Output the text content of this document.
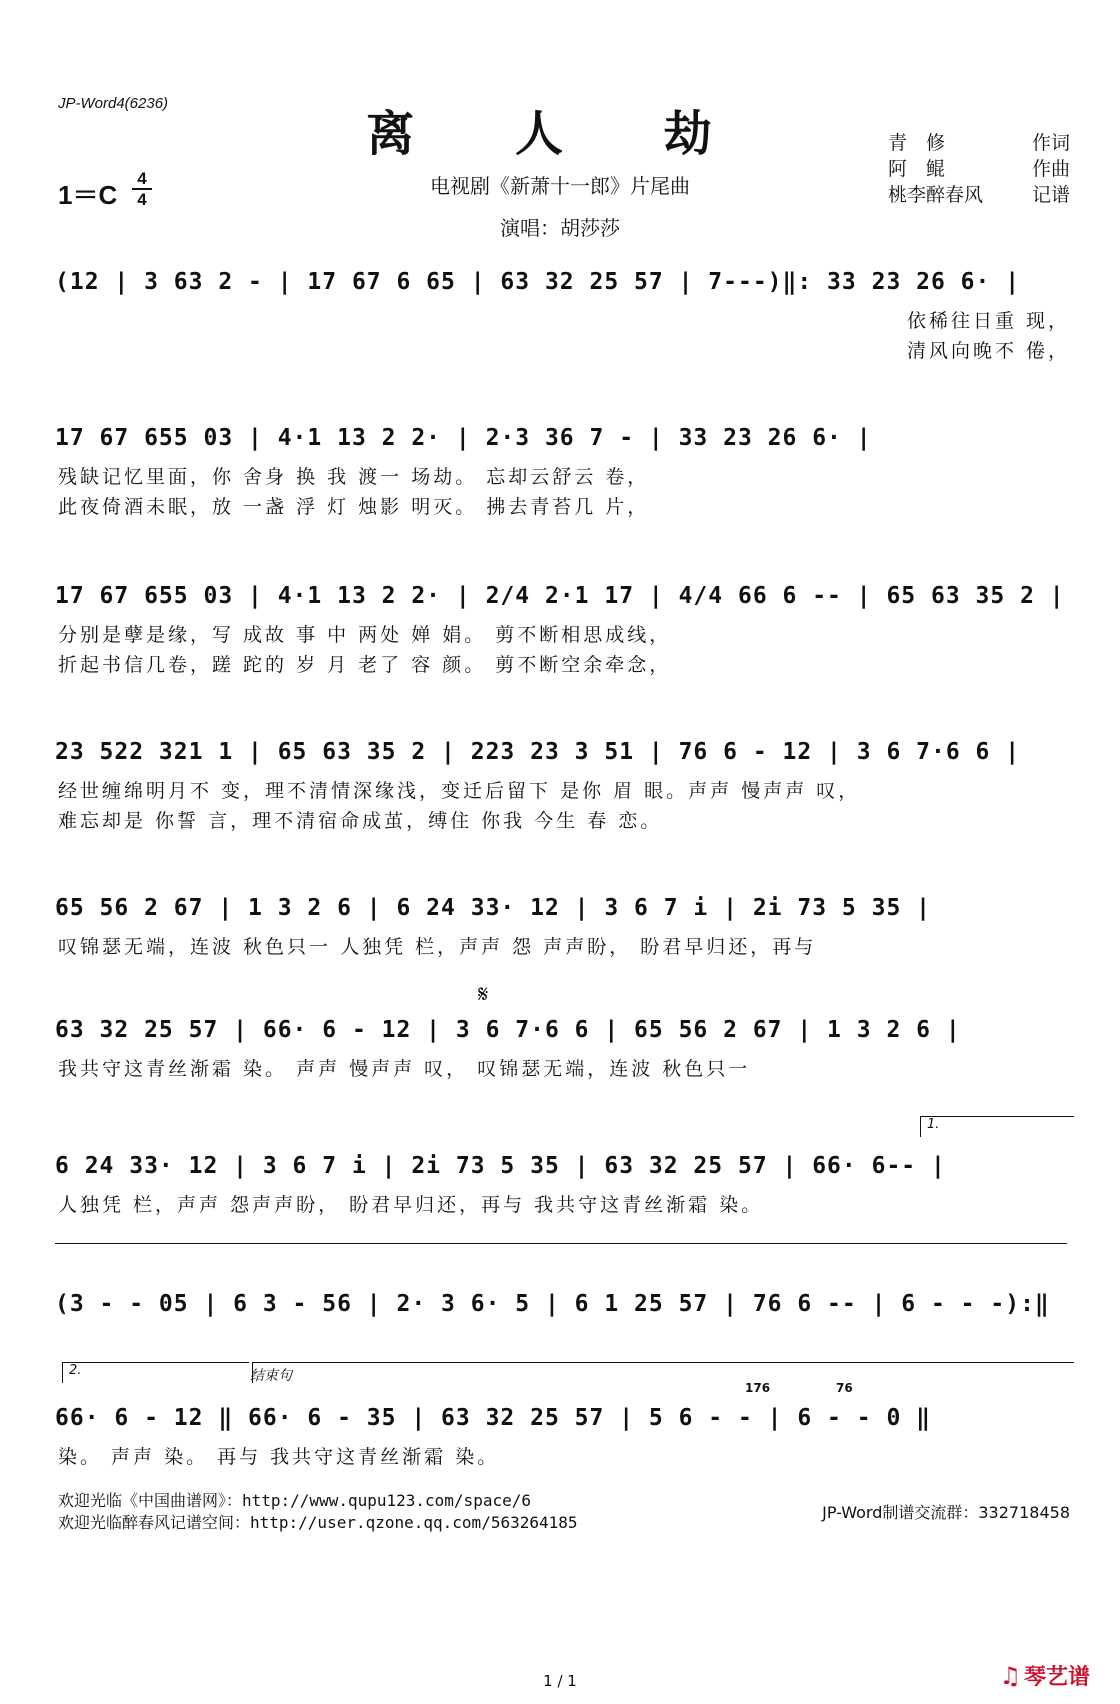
JP-Word4(6236)
离 人 劫
电视剧《新萧十一郎》片尾曲
演唱：胡莎莎
1＝C
4
4
青　修	作词
阿　鲲	作曲
桃李醉春风	记谱
(12 | 3 63 2 - | 17 67 6 65 | 63 32 25 57 | 7---)‖: 33 23 26 6· |
依稀往日重 现，
清风向晚不 倦，
17 67 655 03 | 4·1 13 2 2· | 2·3 36 7 - | 33 23 26 6· |
残缺记忆里面，你 舍身 换 我 渡一 场劫。 忘却云舒云 卷，
此夜倚酒未眠，放 一盏 浮 灯 烛影 明灭。 拂去青苔几 片，
17 67 655 03 | 4·1 13 2 2· | 2/4 2·1 17 | 4/4 66 6 -- | 65 63 35 2 |
分别是孽是缘，写 成故 事 中 两处 婵 娟。 剪不断相思成线，
折起书信几卷，蹉 跎的 岁 月 老了 容 颜。 剪不断空余牵念，
23 522 321 1 | 65 63 35 2 | 223 23 3 51 | 76 6 - 12 | 3 6 7·6 6 |
经世缠绵明月不 变，理不清情深缘浅，变迁后留下 是你 眉 眼。声声 慢声声 叹，
难忘却是 你誓 言，理不清宿命成茧，缚住 你我 今生 春 恋。
65 56 2 67 | 1 3 2 6 | 6 24 33· 12 | 3 6 7 i | 2i 73 5 35 |
叹锦瑟无端，连波 秋色只一 人独凭 栏，声声 怨 声声盼， 盼君早归还，再与
𝄋
63 32 25 57 | 66· 6 - 12 | 3 6 7·6 6 | 65 56 2 67 | 1 3 2 6 |
我共守这青丝渐霜 染。 声声 慢声声 叹， 叹锦瑟无端，连波 秋色只一
1.
6 24 33· 12 | 3 6 7 i | 2i 73 5 35 | 63 32 25 57 | 66· 6-- |
人独凭 栏，声声 怨声声盼， 盼君早归还，再与 我共守这青丝渐霜 染。
(3 - - 05 | 6 3 - 56 | 2· 3 6· 5 | 6 1 25 57 | 76 6 -- | 6 - - -):‖
2.	结束句
176	76
66· 6 - 12 ‖ 66· 6 - 35 | 63 32 25 57 | 5 6 - - | 6 - - 0 ‖
染。 声声 染。 再与 我共守这青丝渐霜 染。
欢迎光临《中国曲谱网》：http://www.qupu123.com/space/6
欢迎光临醉春风记谱空间：http://user.qzone.qq.com/563264185
JP-Word制谱交流群：332718458
1 / 1	♫ 琴艺谱
